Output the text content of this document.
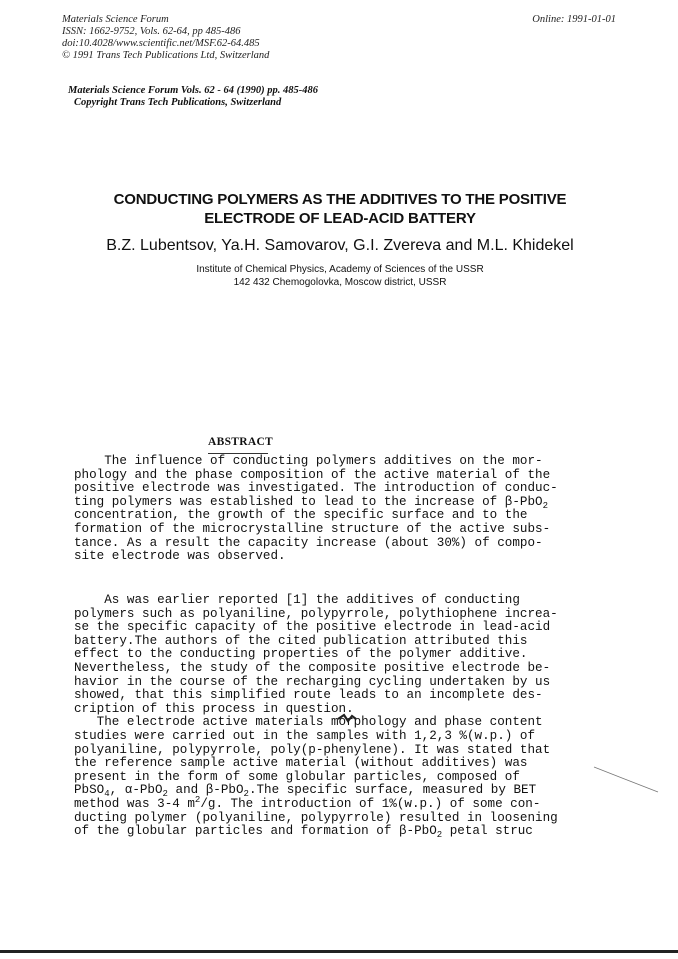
Materials Science Forum
ISSN: 1662-9752, Vols. 62-64, pp 485-486
doi:10.4028/www.scientific.net/MSF.62-64.485
© 1991 Trans Tech Publications Ltd, Switzerland
Online: 1991-01-01
Materials Science Forum Vols. 62 - 64 (1990) pp. 485-486
Copyright Trans Tech Publications, Switzerland
CONDUCTING POLYMERS AS THE ADDITIVES TO THE POSITIVE
ELECTRODE OF LEAD-ACID BATTERY
B.Z. Lubentsov, Ya.H. Samovarov, G.I. Zvereva and M.L. Khidekel
Institute of Chemical Physics, Academy of Sciences of the USSR
142 432 Chemogolovka, Moscow district, USSR
ABSTRACT
The influence of conducting polymers additives on the mor-
phology and the phase composition of the active material of the
positive electrode was investigated. The introduction of conduc-
ting polymers was established to lead to the increase of β-PbO$_2$
concentration, the growth of the specific surface and to the
formation of the microcrystalline structure of the active subs-
tance. As a result the capacity increase (about 30%) of compo-
site electrode was observed.
As was earlier reported [1] the additives of conducting
polymers such as polyaniline, polypyrrole, polythiophene increa-
se the specific capacity of the positive electrode in lead-acid
battery.The authors of the cited publication attributed this
effect to the conducting properties of the polymer additive.
Nevertheless, the study of the composite positive electrode be-
havior in the course of the recharging cycling undertaken by us
showed, that this simplified route leads to an incomplete des-
cription of this process in question.
The electrode active materials morphology and phase content
studies were carried out in the samples with 1,2,3 %(w.p.) of
polyaniline, polypyrrole, poly(p-phenylene). It was stated that
the reference sample active material (without additives) was
present in the form of some globular particles, composed of
PbSO$_4$, α-PbO$_2$ and β-PbO$_2$.The specific surface, measured by BET
method was 3-4 $m^2/g$. The introduction of 1%(w.p.) of some con-
ducting polymer (polyaniline, polypyrrole) resulted in loosening
of the globular particles and formation of β-PbO$_2$ petal struc
